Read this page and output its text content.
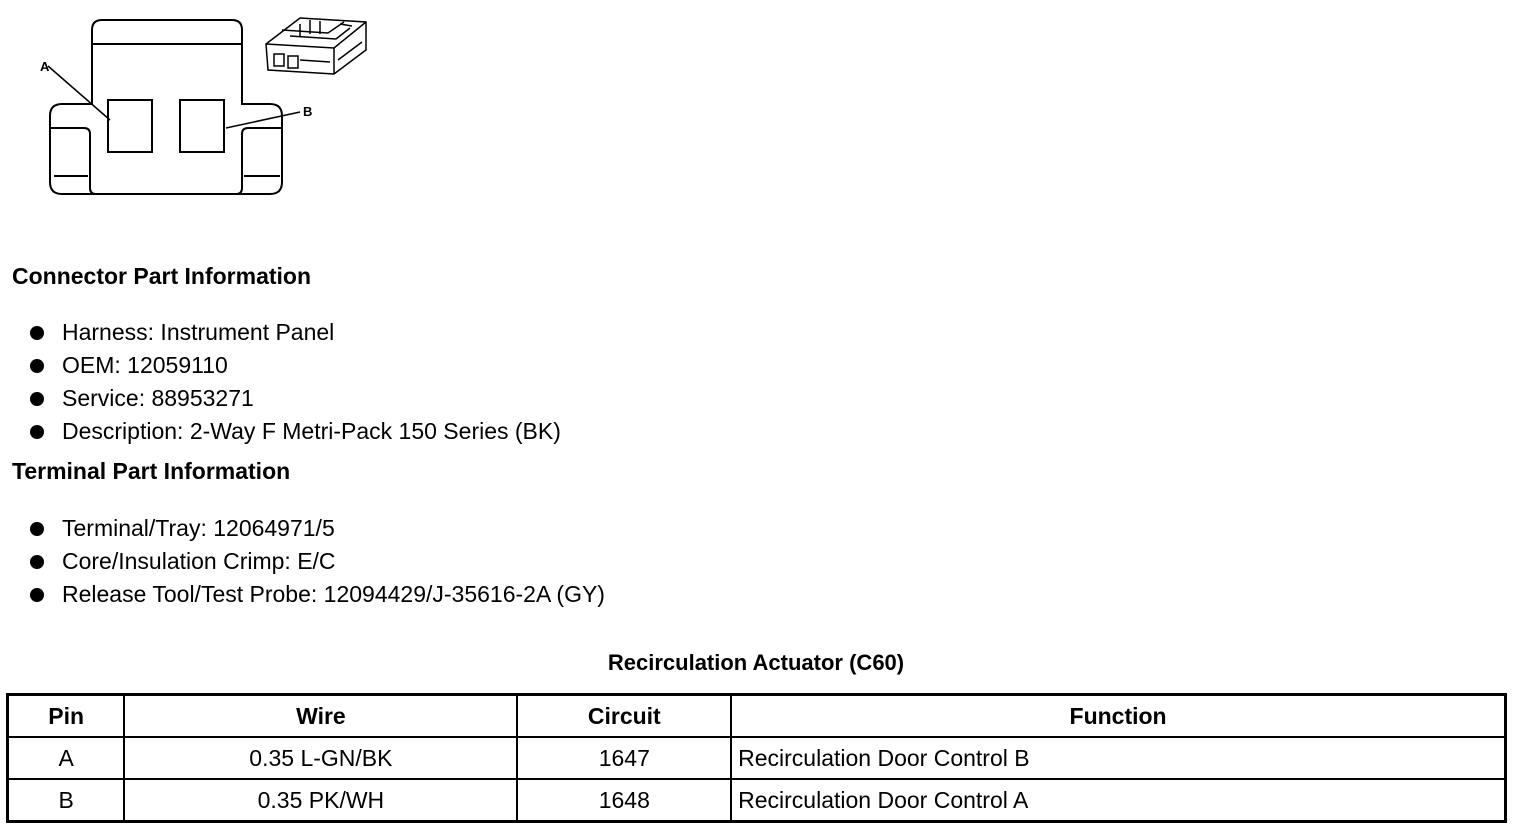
A
B
Connector Part Information
Harness: Instrument Panel
OEM: 12059110
Service: 88953271
Description: 2-Way F Metri-Pack 150 Series (BK)
Terminal Part Information
Terminal/Tray: 12064971/5
Core/Insulation Crimp: E/C
Release Tool/Test Probe: 12094429/J-35616-2A (GY)
Recirculation Actuator (C60)
Pin	Wire	Circuit	Function
A	0.35 L-GN/BK	1647	Recirculation Door Control B
B	0.35 PK/WH	1648	Recirculation Door Control A
